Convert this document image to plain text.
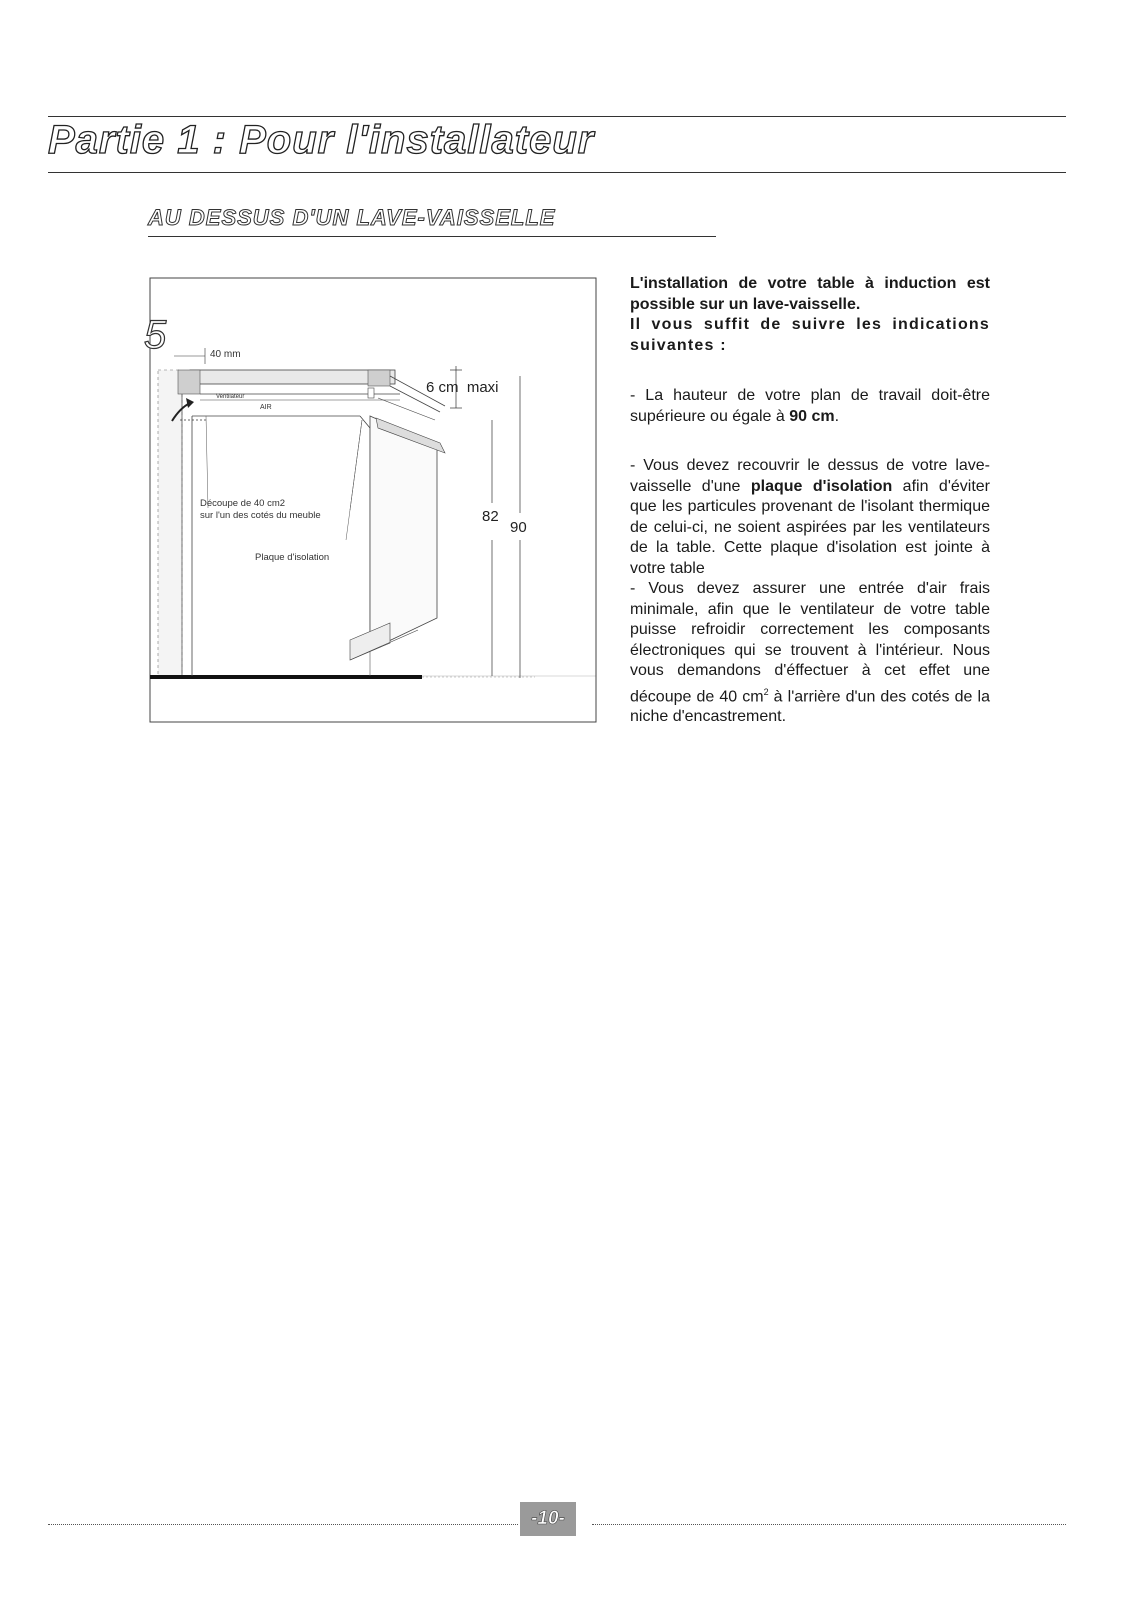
Partie 1 : Pour l'installateur
AU DESSUS D'UN LAVE-VAISSELLE
5	40 mm
Ventilateur
AIR
Découpe de 40 cm2
sur l'un des cotés du meuble
Plaque d'isolation
6 cm  maxi
82
90
L'installation de votre table à induction est possible sur un lave-vaisselle.
Il vous suffit de suivre les indications suivantes :
- La hauteur de votre plan de travail doit-être supérieure ou égale à 90 cm.
- Vous devez recouvrir le dessus de votre lave-vaisselle d'une plaque d'isolation afin d'éviter que les particules provenant de l'isolant thermique de celui-ci, ne soient aspirées par les ventilateurs de la table. Cette plaque d'isolation est jointe à votre table
- Vous devez assurer une entrée d'air frais minimale, afin que le ventilateur de votre table puisse refroidir correctement les composants électroniques qui se trouvent à l'intérieur. Nous vous demandons d'éffectuer à cet effet une découpe de 40 $cm^2$ à l'arrière d'un des cotés de la niche d'encastrement.
-10-
